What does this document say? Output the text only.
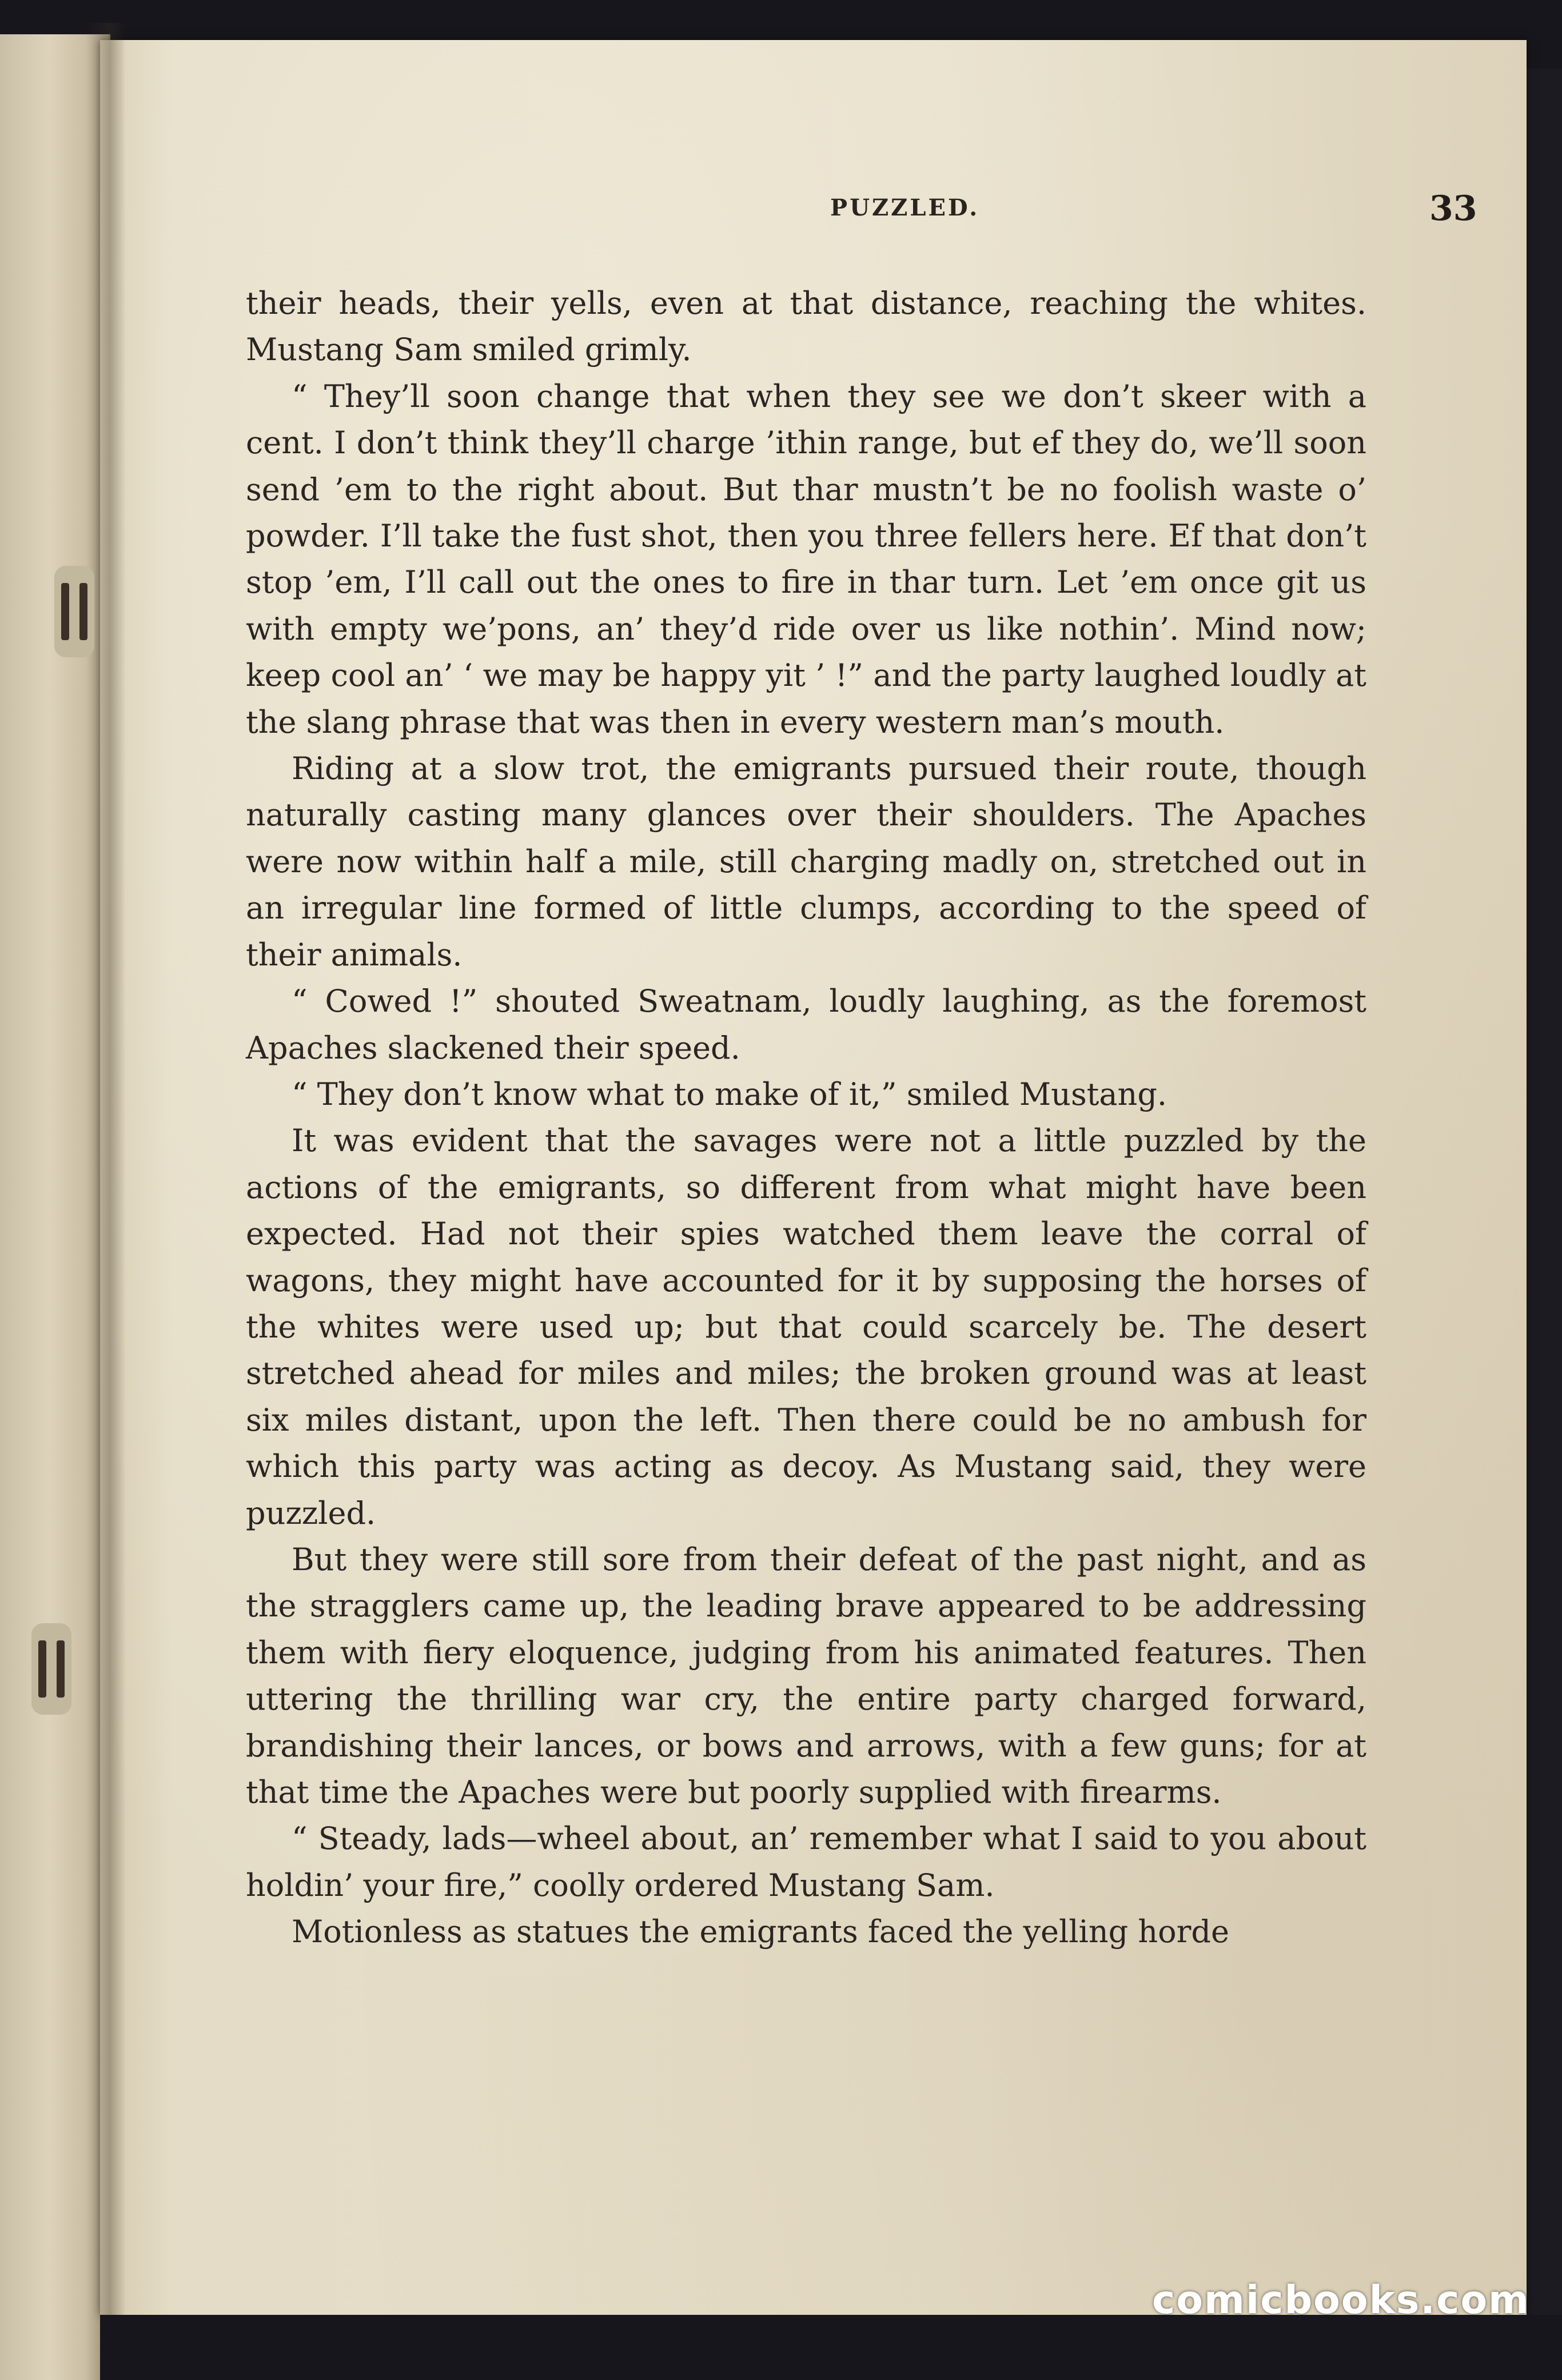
PUZZLED.	33

their heads, their yells, even at that distance, reaching the whites. Mustang Sam smiled grimly.

“ They’ll soon change that when they see we don’t skeer with a cent. I don’t think they’ll charge ’ithin range, but ef they do, we’ll soon send ’em to the right about. But thar mustn’t be no foolish waste o’ powder. I’ll take the fust shot, then you three fellers here. Ef that don’t stop ’em, I’ll call out the ones to fire in thar turn. Let ’em once git us with empty we’pons, an’ they’d ride over us like nothin’. Mind now; keep cool an’ ‘ we may be happy yit ’ !” and the party laughed loudly at the slang phrase that was then in every western man’s mouth.

Riding at a slow trot, the emigrants pursued their route, though naturally casting many glances over their shoulders. The Apaches were now within half a mile, still charging madly on, stretched out in an irregular line formed of little clumps, according to the speed of their animals.

“ Cowed !” shouted Sweatnam, loudly laughing, as the foremost Apaches slackened their speed.

“ They don’t know what to make of it,” smiled Mustang.

It was evident that the savages were not a little puzzled by the actions of the emigrants, so different from what might have been expected. Had not their spies watched them leave the corral of wagons, they might have accounted for it by supposing the horses of the whites were used up; but that could scarcely be. The desert stretched ahead for miles and miles; the broken ground was at least six miles distant, upon the left. Then there could be no ambush for which this party was acting as decoy. As Mustang said, they were puzzled.

But they were still sore from their defeat of the past night, and as the stragglers came up, the leading brave appeared to be addressing them with fiery eloquence, judging from his animated features. Then uttering the thrilling war cry, the entire party charged forward, brandishing their lances, or bows and arrows, with a few guns; for at that time the Apaches were but poorly supplied with firearms.

“ Steady, lads—wheel about, an’ remember what I said to you about holdin’ your fire,” coolly ordered Mustang Sam.

Motionless as statues the emigrants faced the yelling horde

comicbooks.com
